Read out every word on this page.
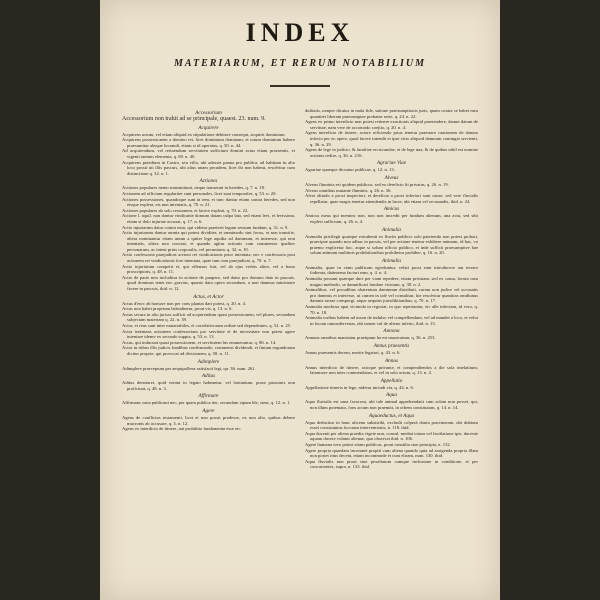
INDEX
MATERIARUM, ET RERUM NOTABILIUM
Accessorium

Accessorium non trahit ad se principale, quaest. 23. num. 9.

Acquirere

Acquirens actum, vel etiam aliquid ex stipulatione debitore consequi, acquirit dominium.

Acquirens possessionem a domino rei, licet dominium dominam, et totum dominium habere praesumitur absque lucrandi, etiam si id operatus, q. 50. n. 44.

Ad acquirendum, vel retinendum servitutem sufficiunt domini actus etiam praesentis, et vigenti tantum elementa, q. 80. n. 40.

Acquirens praedium in Castro, seu villa, ubi adesset panna pro publica, ad habitum in alio loco possit uti illis pascuis, ubi alius unam pecudem, licet ibi non habeat, resolvitur cum distinctione q. 32. n. 1.

Actiones

Actiones populares nemo transmittunt, neque transeunt in heredes, q. 7. n. 18.

Actionem ad officium regulariter sunt personales, licet sunt temporales, q. 53. n. 20.

Actiones possessiones, quandoque sunt in rem, et tunc dantur etiam contra heredes, sed non eisque expleat, eis non intentatis, q. 70. n. 21.

Actiones populares ab solo cessionem, et facere expleat, q. 70. n. 22.

Actione l. aquil. non dantur vindicante domum datam culpa lata, sed etiam levi, et levissima, etiam si dolo injuriae accusat, q. 17. n. 6.

Actio injuriarum datur contra eum, qui videtur praeterit legum sensum fundam, q. 31. n. 9.

Actio injuriarum dantur omnia qui potest dividiter, et omnimodo sint focus, et non transitiv, altera nominantur etiam unum a quiter lege aquilia ad dammum, et interesse, qui non intentatis, altera non concsat, et quando agitur actionis cum commentor qualiter personarum, ac intent prius corporalis, vel pecuniaria, q. 32. n. 10.

Actio confessoria praejudicat actioni rei vindicationis prior intentata, nec e confessoria post actionem rei vindicationis fore intentata, quae tunc non praejudicat, q. 70. n. 7.

Actio injuriarum competit ei, qui offensus fuit, vel ab ejus verbis aliter, vel a bono proscriptoris, q. 48. n. 11.

Actio de parte non includitur in actione de paupere, sed datur pro domino dato in pascuis, quod dominus tenet nec gravius, quanto data opera secundum, a non damnus ministrare facere in pascuis, ibid. n. 12.

Actus, et Actor

Actus d'eorc ab homore non per cons plantat dari potest, q. 20. n. 4.

Actus non habet proprium latitudinem, prout vis, q. 13. n. 6.

Actus secura in alio jurisss sufficit ad acquirendum quasi possessionem, vel plures, secundum subjectam materiam q. 22. n. 39.

Actor, et reus sunt inter mutariabiles, et correlativorum ordine sed dependentes, q. 52. n. 25.

Actor intentans actionem confessoriam pro servitute et de necessitate non potest agere intentare idemv ex secundo suppta, q. 53. n. 13.

Actus, qui inducunt quasi possessionem, et servitutem his enumerantur, q. 86. n. 14.

Actor in tribus illis judicis fundibus confirmando, commensi dividendi, et finium regundorum dicitur proprie, qui provocat ad divisionem, q. 58. n. 11.

Adimplere

Adimplere praeceptum per aequipollens satisfacit legi, qu. 36. num. 261.

Aditus

Aditus denotaret, quid venint in legato habeantur, vel hottantum, prout passionis non proficiunt, q. 48. n. 3.

Affirmare

Affirmans vana publicant nec, per quam publica iter, secundum sipum ble, sieut, q. 12. n. 1.

Agere

Agens de conflictus testamenti, licet ei non possit prodesse, ex non alio, quibus debere mucronis ab accusare, q. 3. n. 12.

Agens ex interdicto de itinere, aut prohibito fundamenta esse etc.

dulitatis, nonper dicatur in mala fide, satione praesumptionis juris, quam contra se habet mea quantitet liberam praesumptae probatae serie, q. 24. n. 22.

Agens ex primo interdicto non potest retinere exactionis aliquid praetendere, damni datum de servitute, nam vere de accomodo coejtio, q. 20. n. 4.

Agens interdicto de itinere, actore reficiendo prius tenetur praestare cautionem de damno infecto per eo opere, quod facere intendit et ipse vitio aliquod damnum contingat servienti, q. 36. n. 29.

Agens de lege in judicio, & familiae erciscundae, et de lege nua, & de quibus nihil est nomine actionis redire, q. 36. n. 216.

Agrariae Viae

Agrariae quaeque dicuntur publicae, q. 12. n. 13.

Alveus

Alveus fluminis est quidem publicus, sed eo derelicto fit privatus, q. 26. n. 19.

Alveus omnibus mutante fluminis, q. 26. n. 36.

Alvei alitudo a proxi inspectori, et derelicta a proxi inferiori sunt cause, sed vere fluvialis repellatur, quae magis tenetur attendendis in lucre, ubi etiam vel recusandis, ibid. n. 24.

Amicus

Amicus meus qui meminc non, non non incredit per fundum alienum, una actu, sed sibi expleri sufficiunt, q. 26. n. 4.

Animalia

Animalia privilegii quaeque extrahenti ex fluviis publicis solo paterendo non potest probari, praecipue quando non adhuc in pacuis, vel per actione tenetur exhibere animam, id hac, vo praemo explicetur hoc, atque si solum officio publico, et inde sufficit praesumptive hae solum animam multimis prohibitionibus prohibetur prohiber, q. 16. n. 20.

Animalia

Animalia, quae in viam publicam egreduntur, velati posst eam introducere aut terrare fodienta, datinterna facturi eam, q. 4. n. 4.

Animalia possunt quaeque duci per viam repedere, etiam privatam, sed ex causa, locuta cum magno methodo, se damnificari fundare vicinum, q. 38. n. 2.

Animalibus, vel pocudibus obatentum dammnun distributi, curam non judice vel accusatis pro dammis et interesse, ut cumen in tale vel consulitur, hie resolvitur quantitas omdiunus damnia tactae conspergi, atque aequitis jurisdiktionibus, q. 70. n. 17.

Animalia morbosa apat vicinoda in regoriat, in quo reperiantur, etc alle infectam, id vero, q. 70. n. 18.

Animalia toribus habent ad asson de indulso vel compellendum, vel ad mandet a loco, et velut in locum ramusdervenas, nbi tamen vul de alieno inferio, ibid. n. 13.

Annona

Annona omnibus mansiatur praetipum ha est maxeratum, q. 36. n. 253.

Annus praesentis

Annus praesentis decem, merite legatari, q. 43. n. 6.

Annus

Annus interdicto de itinere, actoque privante, et compendiendos a die sola intelatitum, latarmore non inter commendatus, et vel in solo actum, q. 13. n. 4.

Appellatio

Appellatione itineris in lege, nidetur inciudi via, q. 44. n. 6.

Aqua

Aqua fluvialis est sana favorosa, ubi tale animal apprehendatit cum solam non posset, qui, non illum potentato, fons actum non praemiti, in orbem constitutam, q. 14. n. 14.

Aquaeductus, et Aqua

Aqua deducitur in hanc alicena subsistibi, excludit colperà donia practimeam, ubi dubium esset consistantus locorum interventionis, n. 118. ibid.

Aqua ducenti per aliena praedia vigete non, consul. mediat totum vel factilatione ipis. ducente aquam ducere volnnit alienae, quo observat ibid. n. 106.

Agere humana vero potest etiam publicus, prout ornatilia siue principia, n. 152.

Agere propria quaedam incomnet proptii cum aliena quando quia ad assigenda propria illam non portet ritus decent, etiam incommode et cum eliram, num. 130. ibid.

Aqua fluvialis non prout siue pexaltatum cumque inclusione in conditione, et per concurrentes, supra, n. 133. ibid.
